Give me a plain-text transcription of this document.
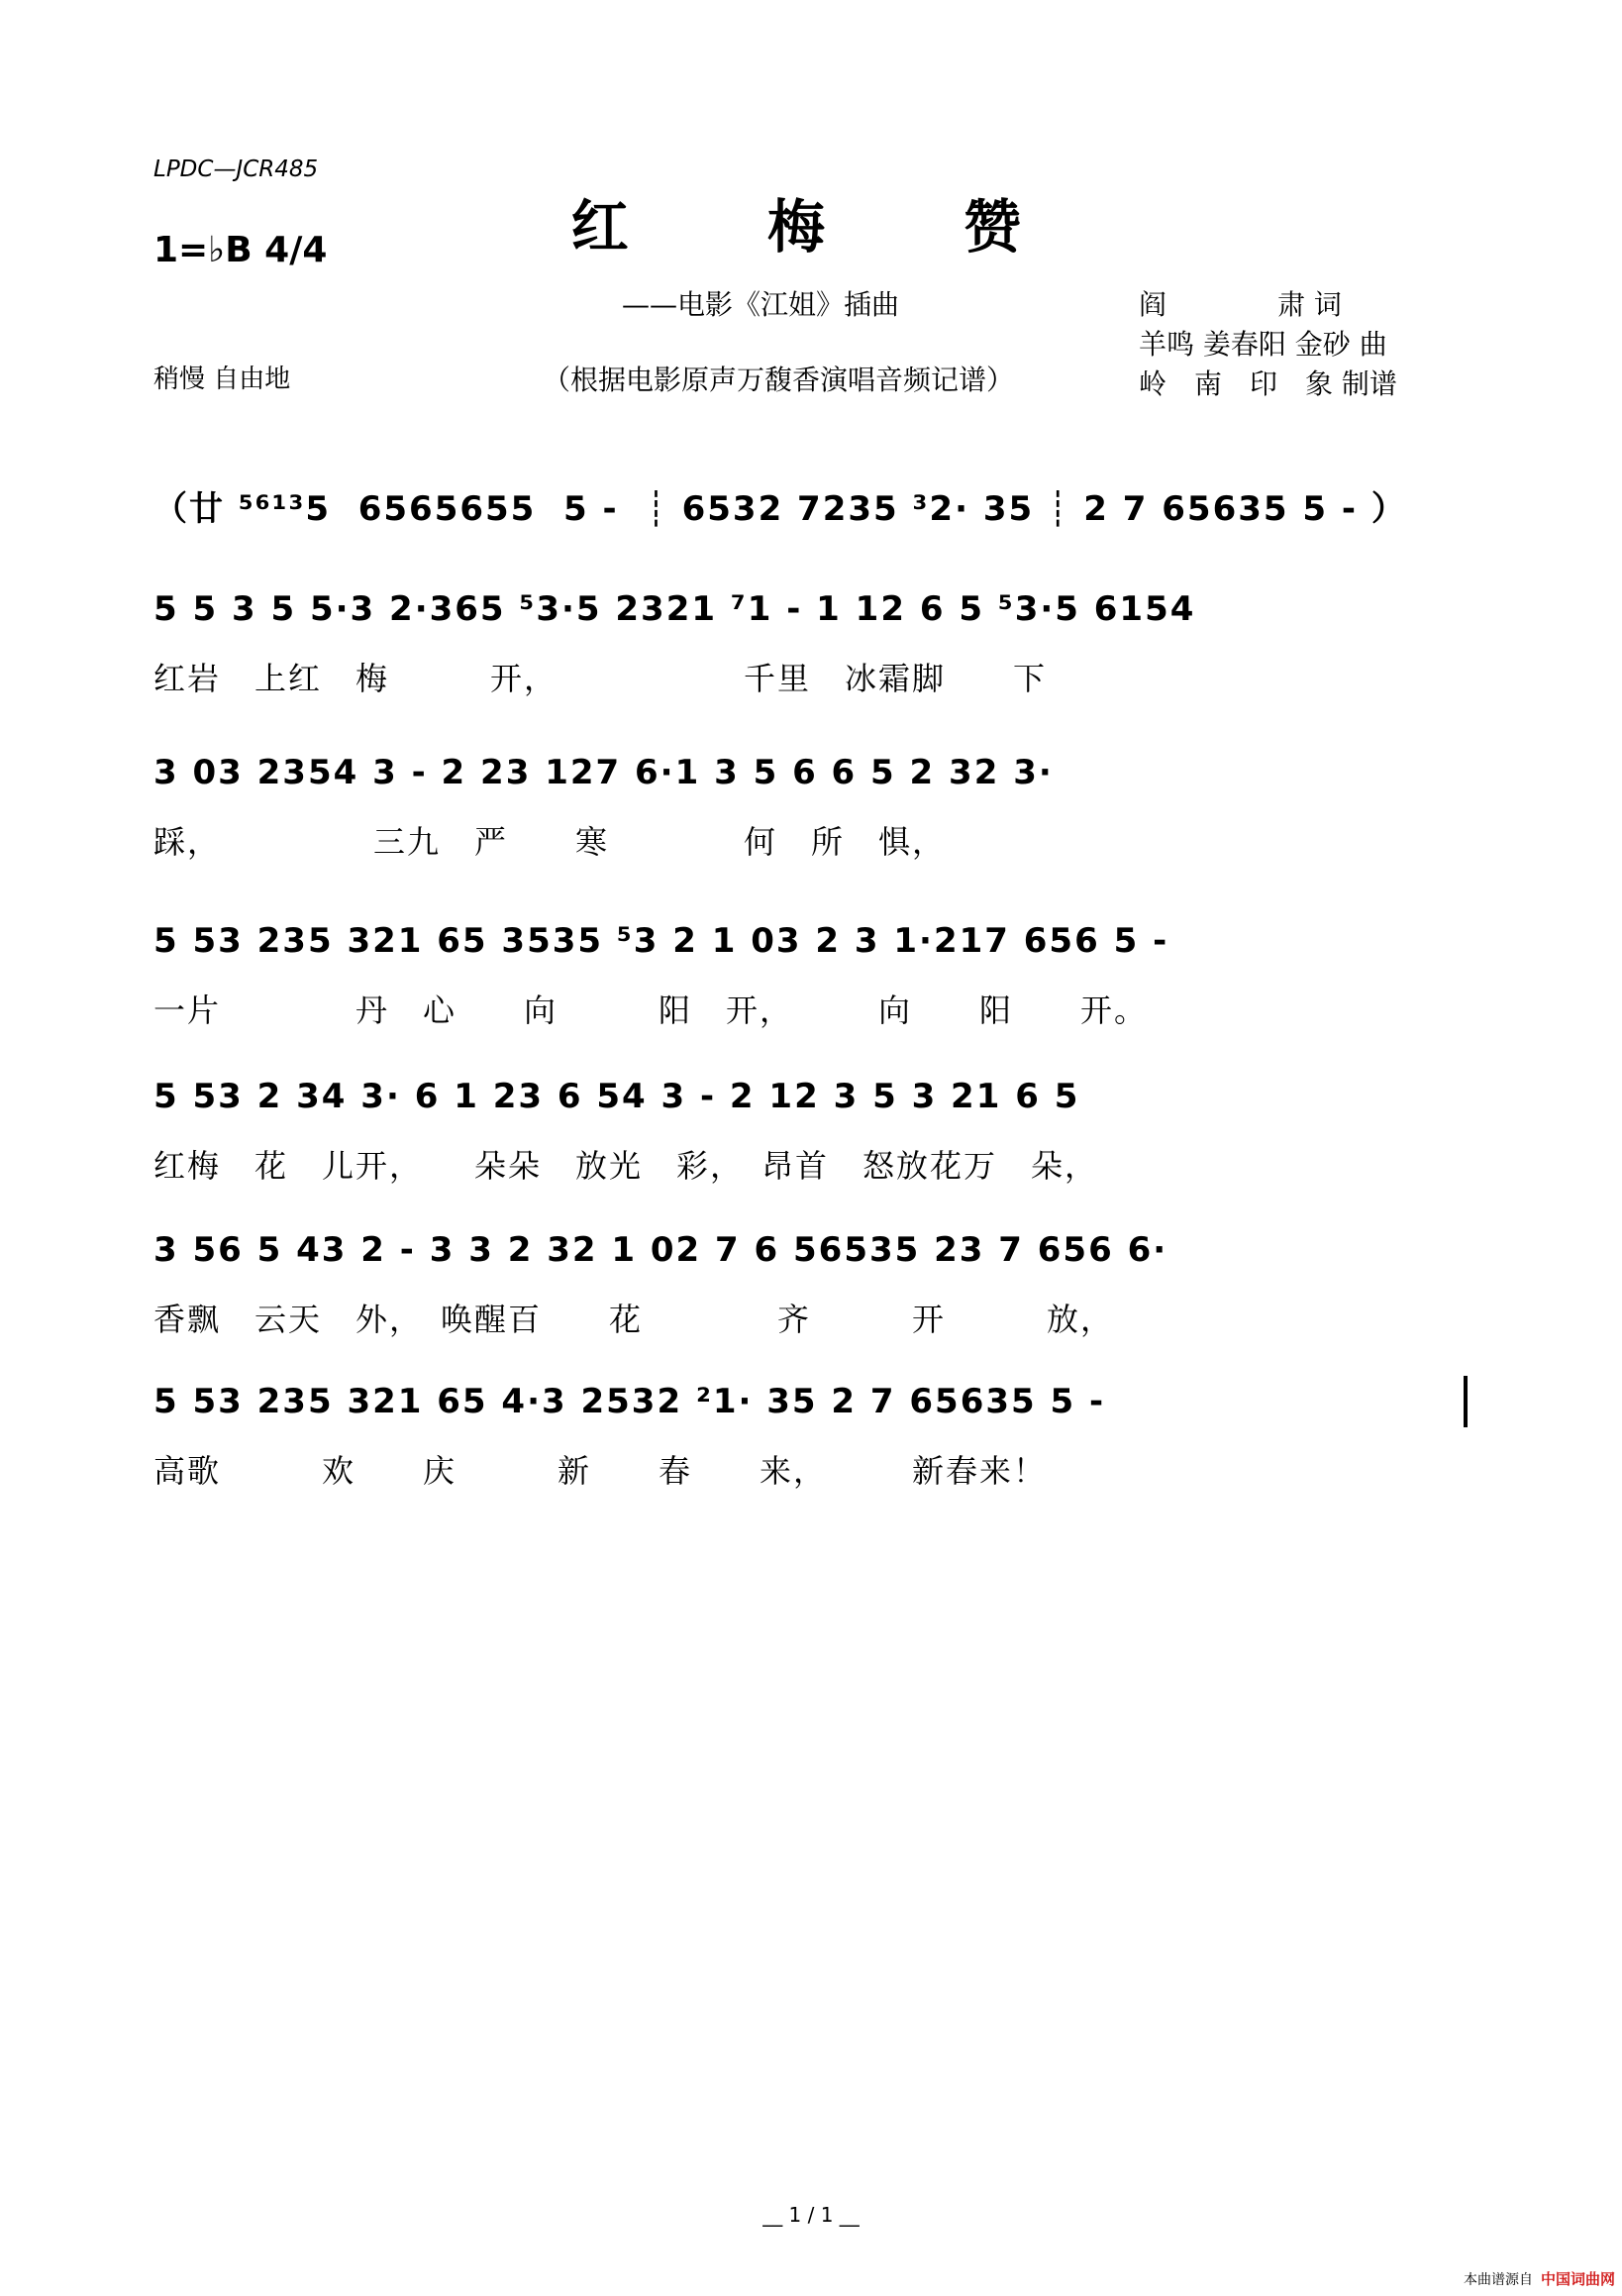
LPDC—JCR485
红 梅 赞
1=♭B 4/4
——电影《江姐》插曲
（根据电影原声万馥香演唱音频记谱）
稍慢 自由地
阎　　　　肃 词
羊鸣 姜春阳 金砂 曲
岭　南　印　象 制谱
（廿 ⁵⁶¹³5  6565655  5 -  ┊ 6532 7235 ³2· 35 ┊ 2 7 65635 5 - ）
5 5 3 5 5·3 2·365 ⁵3·5 2321 ⁷1 - 1 12 6 5 ⁵3·5 6154
红岩　上红　梅　　　开，　　　　　　千里　冰霜脚　　下
3 03 2354 3 - 2 23 127 6·1 3 5 6 6 5 2 32 3·
踩，　　　　　三九　严　　寒　　　　何　所　惧，
5 53 235 321 65 3535 ⁵3 2 1 03 2 3 1·217 656 5 -
一片　　　　丹　心　　向　　　阳　开，　　　向　　阳　　开。
5 53 2 34 3· 6 1 23 6 54 3 - 2 12 3 5 3 21 6 5
红梅　花　儿开，　　朵朵　放光　彩，　昂首　怒放花万　朵，
3 56 5 43 2 - 3 3 2 32 1 02 7 6 56535 23 7 656 6·
香飘　云天　外，　唤醒百　　花　　　　齐　　　开　　　放，
5 53 235 321 65 4·3 2532 ²1· 35 2 7 65635 5 -
高歌　　　欢　　庆　　　新　　春　　来，　　　新春来！
__ 1 / 1 __
本曲谱源自 中国词曲网
